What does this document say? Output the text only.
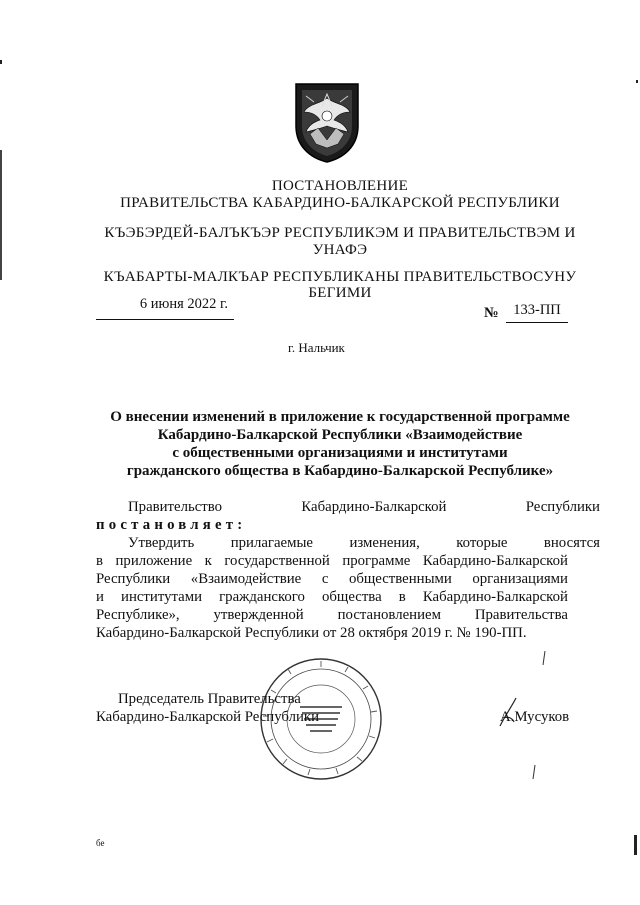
ПОСТАНОВЛЕНИЕ
ПРАВИТЕЛЬСТВА КАБАРДИНО-БАЛКАРСКОЙ РЕСПУБЛИКИ
КЪЭБЭРДЕЙ-БАЛЪКЪЭР РЕСПУБЛИКЭМ И ПРАВИТЕЛЬСТВЭМ И
УНАФЭ
КЪАБАРТЫ-МАЛКЪАР РЕСПУБЛИКАНЫ ПРАВИТЕЛЬСТВОСУНУ
БЕГИМИ
6 июня 2022 г.
№	133-ПП
г. Нальчик
О внесении изменений в приложение к государственной программе
Кабардино-Балкарской Республики «Взаимодействие
с общественными организациями и институтами
гражданского общества в Кабардино-Балкарской Республике»
Правительство	Кабардино-Балкарской	Республики
постановляет:
Утвердить прилагаемые изменения, которые вносятся
в приложение к государственной программе Кабардино-Балкарской
Республики «Взаимодействие с общественными организациями
и институтами гражданского общества в Кабардино-Балкарской
Республике», утвержденной постановлением Правительства
Кабардино-Балкарской Республики от 28 октября 2019 г. № 190-ПП.
Председатель Правительства
Кабардино-Балкарской Республики	А.Мусуков
бе
